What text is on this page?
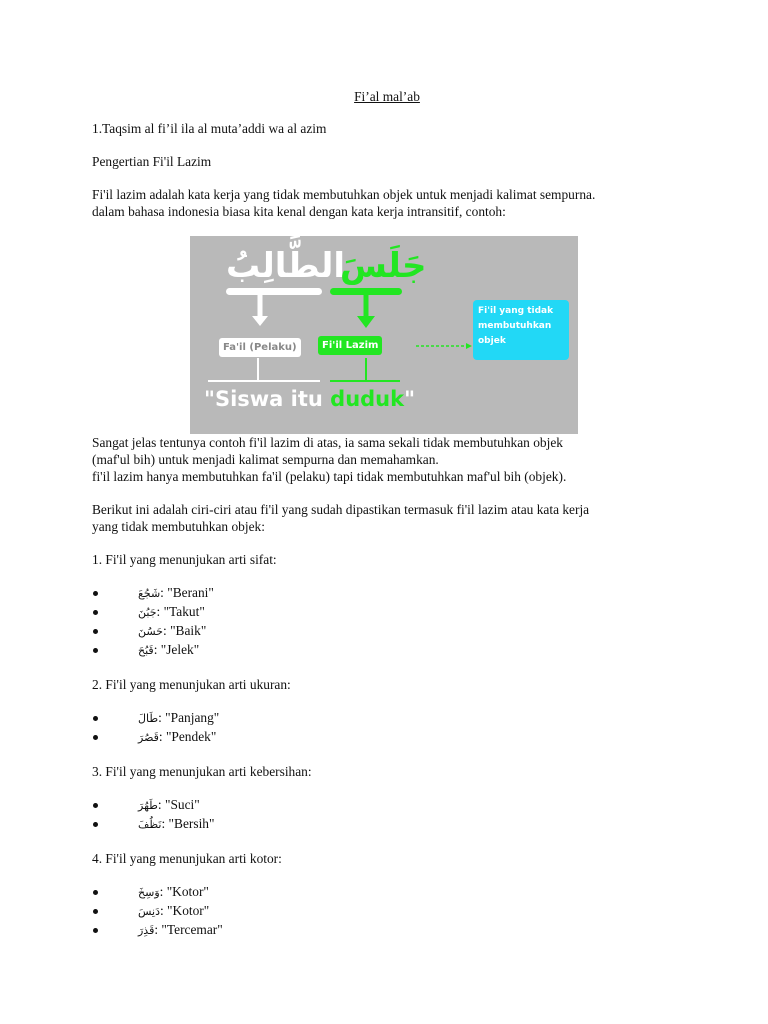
Fi’al mal’ab

1.Taqsim al fi’il ila al muta’addi wa al azim

Pengertian Fi'il Lazim

Fi'il lazim adalah kata kerja yang tidak membutuhkan objek untuk menjadi kalimat sempurna.

dalam bahasa indonesia biasa kita kenal dengan kata kerja intransitif, contoh:

الطَّالِبُ
جَلَسَ
Fa'il (Pelaku)	Fi'il Lazim
Fi'il yang tidak membutuhkan objek
"Siswa itu duduk"

Sangat jelas tentunya contoh fi'il lazim di atas, ia sama sekali tidak membutuhkan objek

(maf'ul bih) untuk menjadi kalimat sempurna dan memahamkan.

fi'il lazim hanya membutuhkan fa'il (pelaku) tapi tidak membutuhkan maf'ul bih (objek).

Berikut ini adalah ciri-ciri atau fi'il yang sudah dipastikan termasuk fi'il lazim atau kata kerja

yang tidak membutuhkan objek:

1. Fi'il yang menunjukan arti sifat:

شَجُعَ: "Berani"
جَبُنَ: "Takut"
حَسُنَ: "Baik"
قَبُحَ: "Jelek"

2. Fi'il yang menunjukan arti ukuran:

طَالَ: "Panjang"
قَصُرَ: "Pendek"

3. Fi'il yang menunjukan arti kebersihan:

طَهُرَ: "Suci"
نَظُفَ: "Bersih"

4. Fi'il yang menunjukan arti kotor:

وَسِخَ: "Kotor"
دَنِسَ: "Kotor"
قَذِرَ: "Tercemar"
